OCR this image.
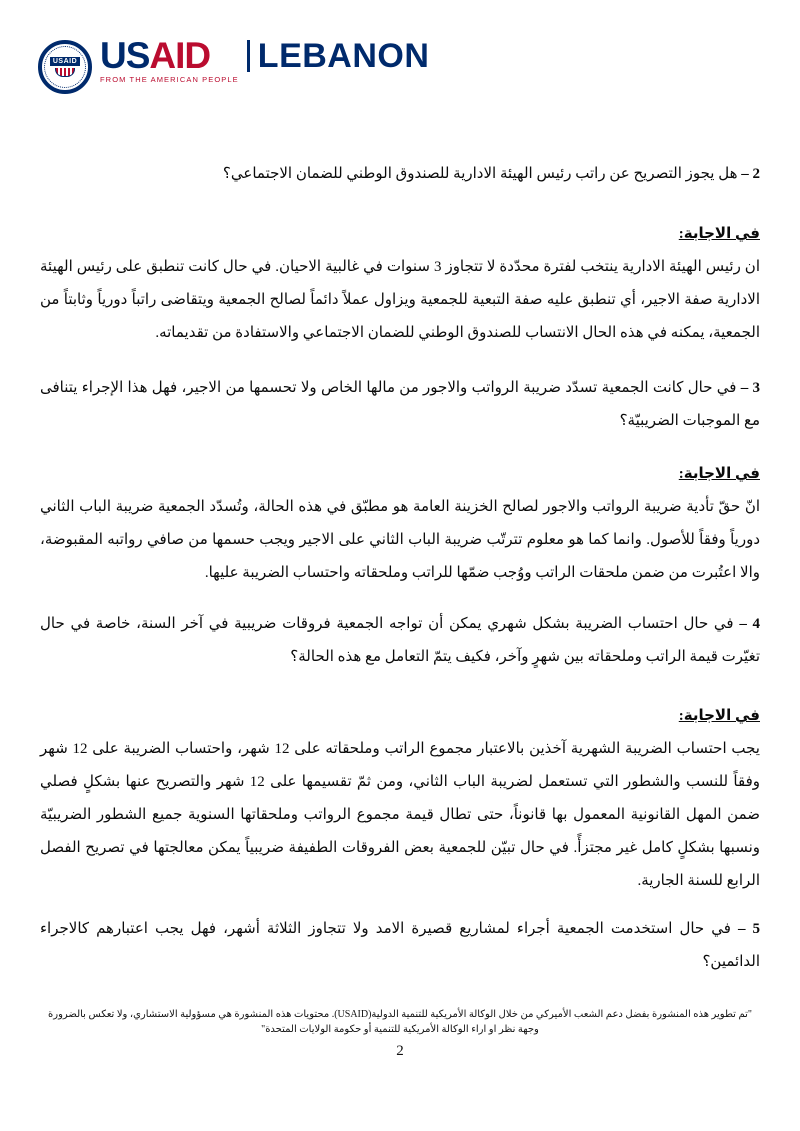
USAID USAID
FROM THE AMERICAN PEOPLE
LEBANON

2 – هل يجوز التصريح عن راتب رئيس الهيئة الادارية للصندوق الوطني للضمان الاجتماعي؟

في الاجابة:

ان رئيس الهيئة الادارية ينتخب لفترة محدّدة لا تتجاوز 3 سنوات في غالبية الاحيان. في حال كانت تنطبق على رئيس الهيئة الادارية صفة الاجير، أي تنطبق عليه صفة التبعية للجمعية ويزاول عملاً دائماً لصالح الجمعية ويتقاضى راتباً دورياً وثابتاً من الجمعية، يمكنه في هذه الحال الانتساب للصندوق الوطني للضمان الاجتماعي والاستفادة من تقديماته.

3 – في حال كانت الجمعية تسدّد ضريبة الرواتب والاجور من مالها الخاص ولا تحسمها من الاجير، فهل هذا الإجراء يتنافى مع الموجبات الضريبيّة؟

في الاجابة:

انّ حقّ تأدية ضريبة الرواتب والاجور لصالح الخزينة العامة هو مطبّق في هذه الحالة، وتُسدّد الجمعية ضريبة الباب الثاني دورياً وفقاً للأصول. وانما كما هو معلوم تترتّب ضريبة الباب الثاني على الاجير ويجب حسمها من صافي رواتبه المقبوضة، والا اعتُبرت من ضمن ملحقات الراتب ووُجب ضمّها للراتب وملحقاته واحتساب الضريبة عليها.

4 – في حال احتساب الضريبة بشكل شهري يمكن أن تواجه الجمعية فروقات ضريبية في آخر السنة، خاصة في حال تغيّرت قيمة الراتب وملحقاته بين شهرٍ وآخر، فكيف يتمّ التعامل مع هذه الحالة؟

في الاجابة:

يجب احتساب الضريبة الشهرية آخذين بالاعتبار مجموع الراتب وملحقاته على 12 شهر، واحتساب الضريبة على 12 شهر وفقاً للنسب والشطور التي تستعمل لضريبة الباب الثاني، ومن ثمّ تقسيمها على 12 شهر والتصريح عنها بشكلٍ فصلي ضمن المهل القانونية المعمول بها قانوناً، حتى تطال قيمة مجموع الرواتب وملحقاتها السنوية جميع الشطور الضريبيّة ونسبها بشكلٍ كامل غير مجتزأً. في حال تبيّن للجمعية بعض الفروقات الطفيفة ضريبياً يمكن معالجتها في تصريح الفصل الرابع للسنة الجارية.

5 – في حال استخدمت الجمعية أجراء لمشاريع قصيرة الامد ولا تتجاوز الثلاثة أشهر، فهل يجب اعتبارهم كالاجراء الدائمين؟

"تم تطوير هذه المنشورة بفضل دعم الشعب الأميركي من خلال الوكالة الأمريكية للتنمية الدولية(USAID). محتويات هذه المنشورة هي مسؤولية الاستشاري، ولا تعكس بالضرورة
وجهة نظر او اراء الوكالة الأمريكية للتنمية أو حكومة الولايات المتحدة"
2
